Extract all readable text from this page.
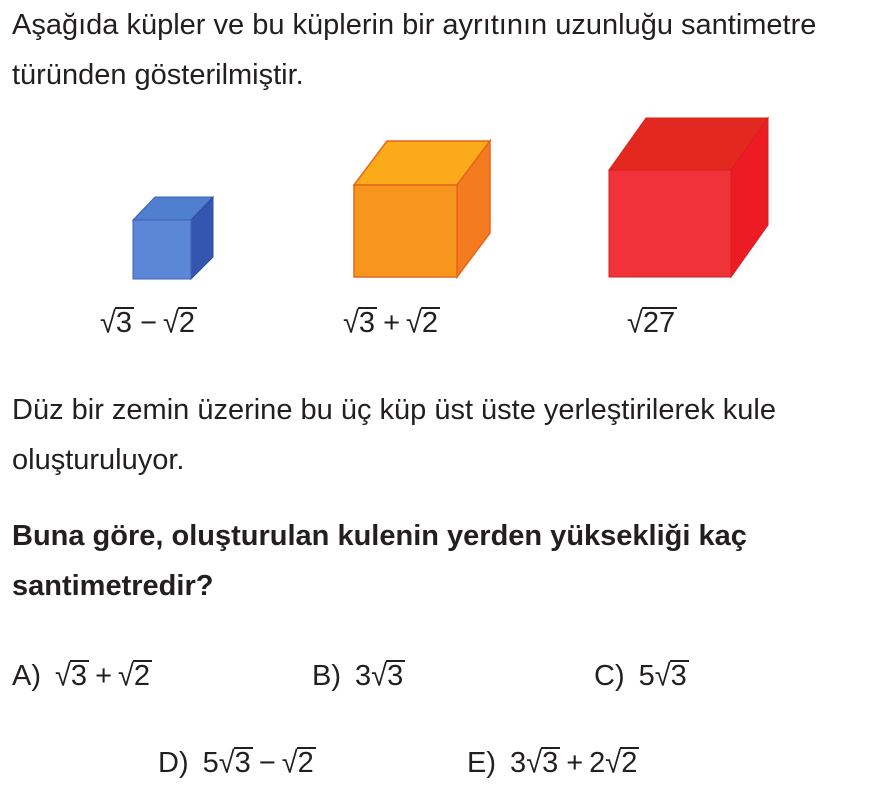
Aşağıda küpler ve bu küplerin bir ayrıtının uzunluğu santimetre türünden gösterilmiştir.
√3 − √2	√3 + √2	√27
Düz bir zemin üzerine bu üç küp üst üste yerleştirilerek kule oluşturuluyor.
Buna göre, oluşturulan kulenin yerden yüksekliği kaç santimetredir?
A) √3 + √2	B) 3√3	C) 5√3
D) 5√3 − √2	E) 3√3 + 2√2
